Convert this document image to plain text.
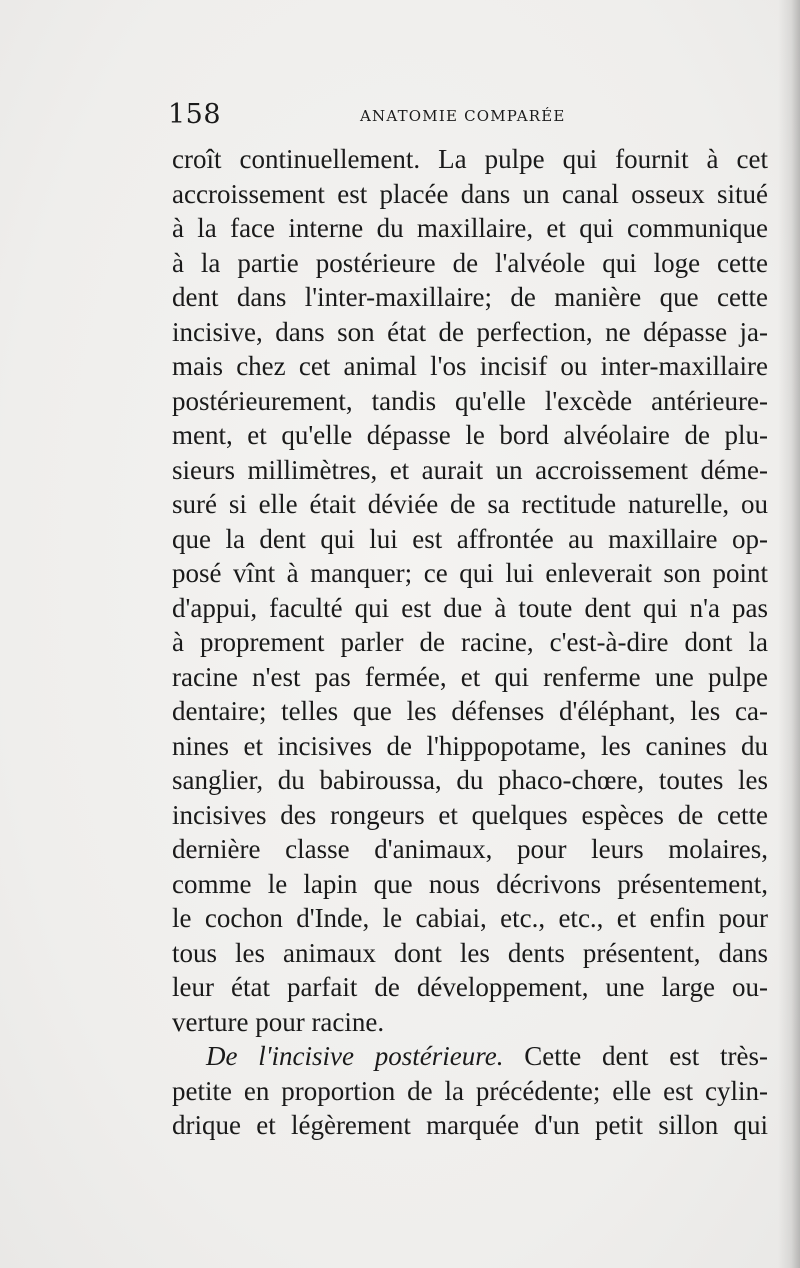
158	ANATOMIE COMPARÉE
croît continuellement. La pulpe qui fournit à cet
accroissement est placée dans un canal osseux situé
à la face interne du maxillaire, et qui communique
à la partie postérieure de l'alvéole qui loge cette
dent dans l'inter-maxillaire; de manière que cette
incisive, dans son état de perfection, ne dépasse ja-
mais chez cet animal l'os incisif ou inter-maxillaire
postérieurement, tandis qu'elle l'excède antérieure-
ment, et qu'elle dépasse le bord alvéolaire de plu-
sieurs millimètres, et aurait un accroissement déme-
suré si elle était déviée de sa rectitude naturelle, ou
que la dent qui lui est affrontée au maxillaire op-
posé vînt à manquer; ce qui lui enleverait son point
d'appui, faculté qui est due à toute dent qui n'a pas
à proprement parler de racine, c'est-à-dire dont la
racine n'est pas fermée, et qui renferme une pulpe
dentaire; telles que les défenses d'éléphant, les ca-
nines et incisives de l'hippopotame, les canines du
sanglier, du babiroussa, du phaco-chœre, toutes les
incisives des rongeurs et quelques espèces de cette
dernière classe d'animaux, pour leurs molaires,
comme le lapin que nous décrivons présentement,
le cochon d'Inde, le cabiai, etc., etc., et enfin pour
tous les animaux dont les dents présentent, dans
leur état parfait de développement, une large ou-
verture pour racine.
De l'incisive postérieure. Cette dent est très-
petite en proportion de la précédente; elle est cylin-
drique et légèrement marquée d'un petit sillon qui
